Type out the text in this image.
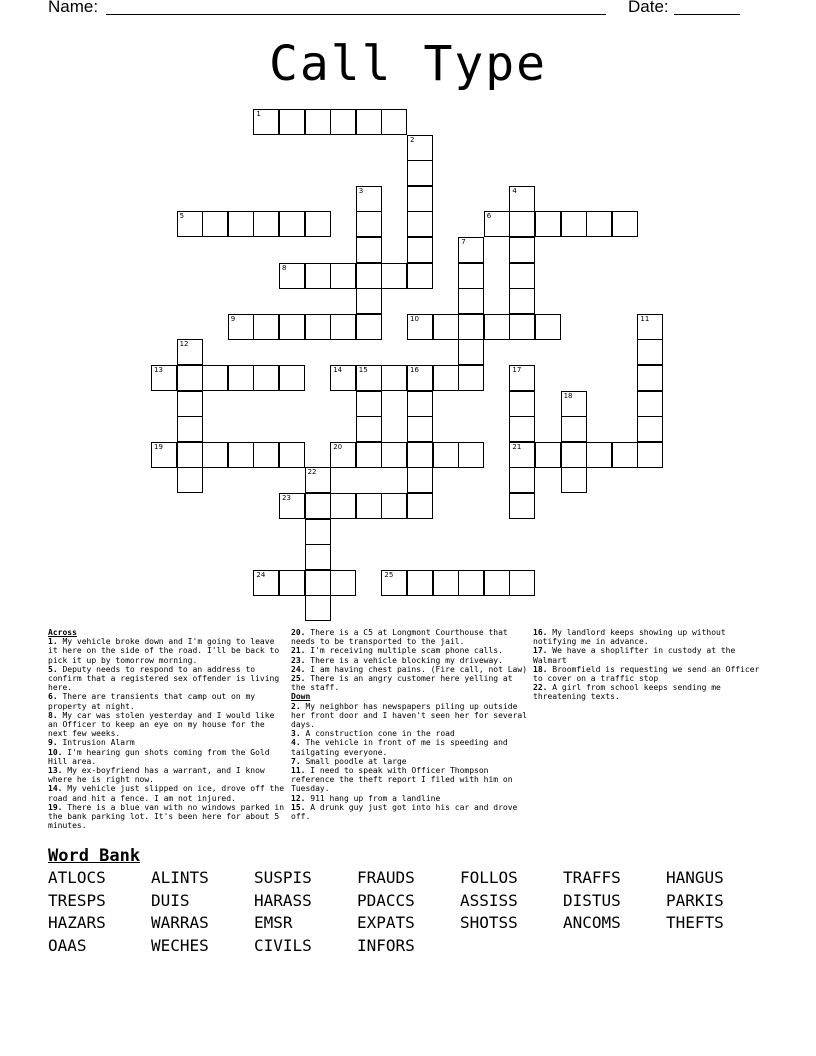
Name:	Date:
Call Type
1
2
3	4
5	6
7
8
9	10	11
12
13	14 15	16	17
21
18
19	20
22
23
24	25
Across
1. My vehicle broke down and I'm going to leave it here on the side of the road. I'll be back to pick it up by tomorrow morning.
5. Deputy needs to respond to an address to confirm that a registered sex offender is living here.
6. There are transients that camp out on my property at night.
8. My car was stolen yesterday and I would like an Officer to keep an eye on my house for the next few weeks.
9. Intrusion Alarm
10. I'm hearing gun shots coming from the Gold Hill area.
13. My ex-boyfriend has a warrant, and I know where he is right now.
14. My vehicle just slipped on ice, drove off the road and hit a fence. I am not injured.
19. There is a blue van with no windows parked in the bank parking lot. It's been here for about 5 minutes.
20. There is a C5 at Longmont Courthouse that needs to be transported to the jail.
21. I'm receiving multiple scam phone calls.
23. There is a vehicle blocking my driveway.
24. I am having chest pains. (Fire call, not Law)
25. There is an angry customer here yelling at the staff.
Down
2. My neighbor has newspapers piling up outside her front door and I haven't seen her for several days.
3. A construction cone in the road
4. The vehicle in front of me is speeding and tailgating everyone.
7. Small poodle at large
11. I need to speak with Officer Thompson reference the theft report I filed with him on Tuesday.
12. 911 hang up from a landline
15. A drunk guy just got into his car and drove off.
16. My landlord keeps showing up without notifying me in advance.
17. We have a shoplifter in custody at the Walmart
18. Broomfield is requesting we send an Officer to cover on a traffic stop
22. A girl from school keeps sending me threatening texts.
Word Bank
ATLOCS	ALINTS	SUSPIS	FRAUDS	FOLLOS	TRAFFS	HANGUS
TRESPS	DUIS	HARASS	PDACCS	ASSISS	DISTUS	PARKIS
HAZARS	WARRAS	EMSR	EXPATS	SHOTSS	ANCOMS	THEFTS
OAAS	WECHES	CIVILS	INFORS
